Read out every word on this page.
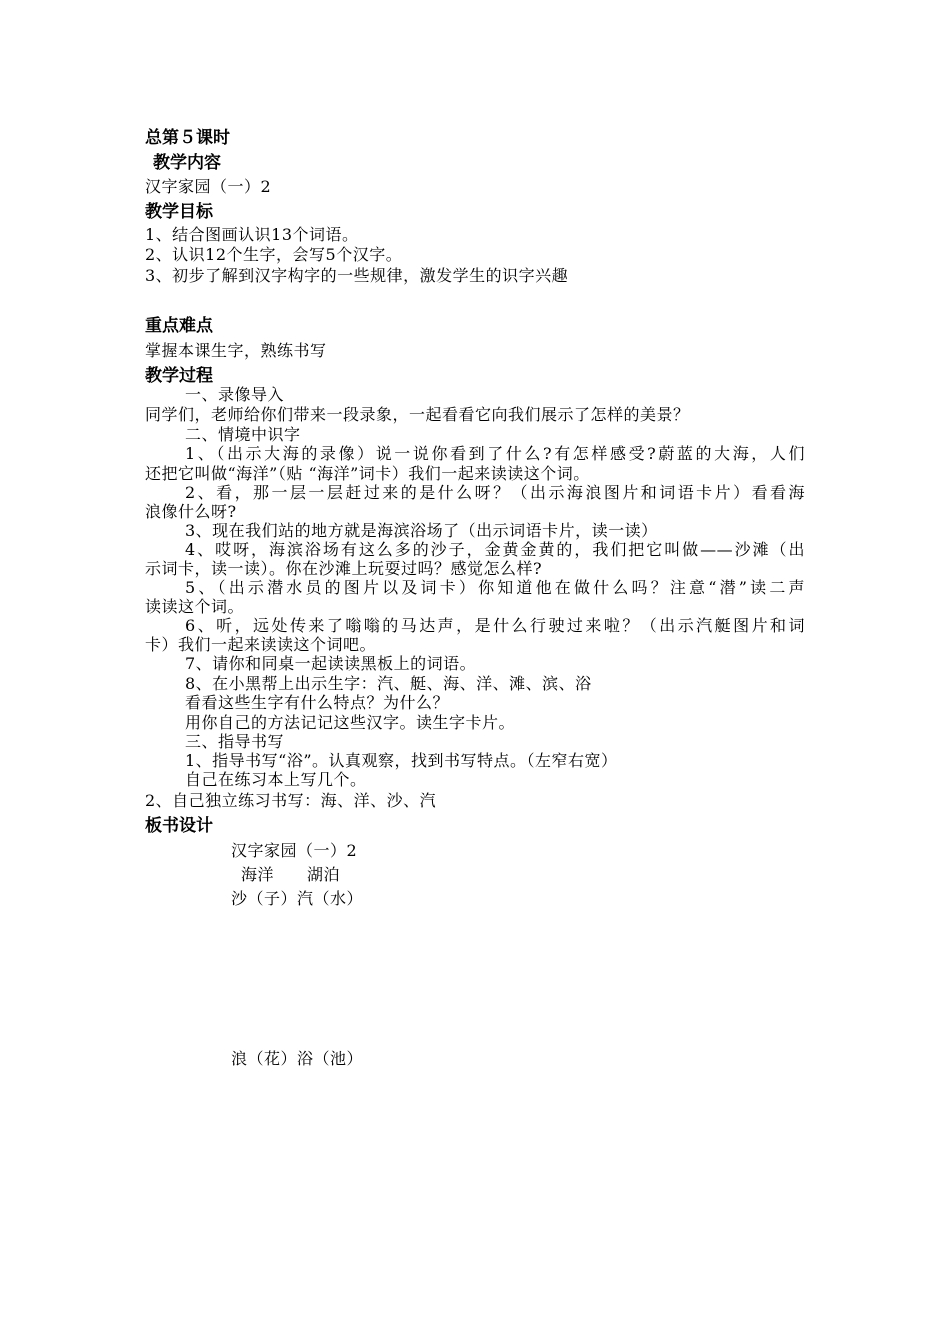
总第５课时
教学内容
汉字家园（一）2
教学目标
1、结合图画认识13个词语。
2、认识12个生字，会写5个汉字。
3、初步了解到汉字构字的一些规律，激发学生的识字兴趣
重点难点
掌握本课生字，熟练书写
教学过程
一、录像导入
同学们，老师给你们带来一段录象，一起看看它向我们展示了怎样的美景？
二、情境中识字
1、（出示大海的录像）说一说你看到了什么?有怎样感受?蔚蓝的大海，人们
还把它叫做“海洋”（贴 “海洋”词卡）我们一起来读读这个词。
2、看，那一层一层赶过来的是什么呀？（出示海浪图片和词语卡片）看看海
浪像什么呀?
3、现在我们站的地方就是海滨浴场了（出示词语卡片，读一读）
4、哎呀，海滨浴场有这么多的沙子，金黄金黄的，我们把它叫做——沙滩（出
示词卡，读一读）。你在沙滩上玩耍过吗？感觉怎么样?
5、（出示潜水员的图片以及词卡）你知道他在做什么吗？注意“潜”读二声
读读这个词。
6、听，远处传来了嗡嗡的马达声，是什么行驶过来啦？（出示汽艇图片和词
卡）我们一起来读读这个词吧。
7、请你和同桌一起读读黑板上的词语。
8、在小黑帮上出示生字：汽、艇、海、洋、滩、滨、浴
看看这些生字有什么特点？为什么？
用你自己的方法记记这些汉字。读生字卡片。
三、指导书写
1、指导书写“浴”。认真观察，找到书写特点。（左窄右宽）
自己在练习本上写几个。
2、自己独立练习书写：海、洋、沙、汽
板书设计
汉字家园（一）2
海洋　　湖泊
沙（子）汽（水）
浪（花）浴（池）
